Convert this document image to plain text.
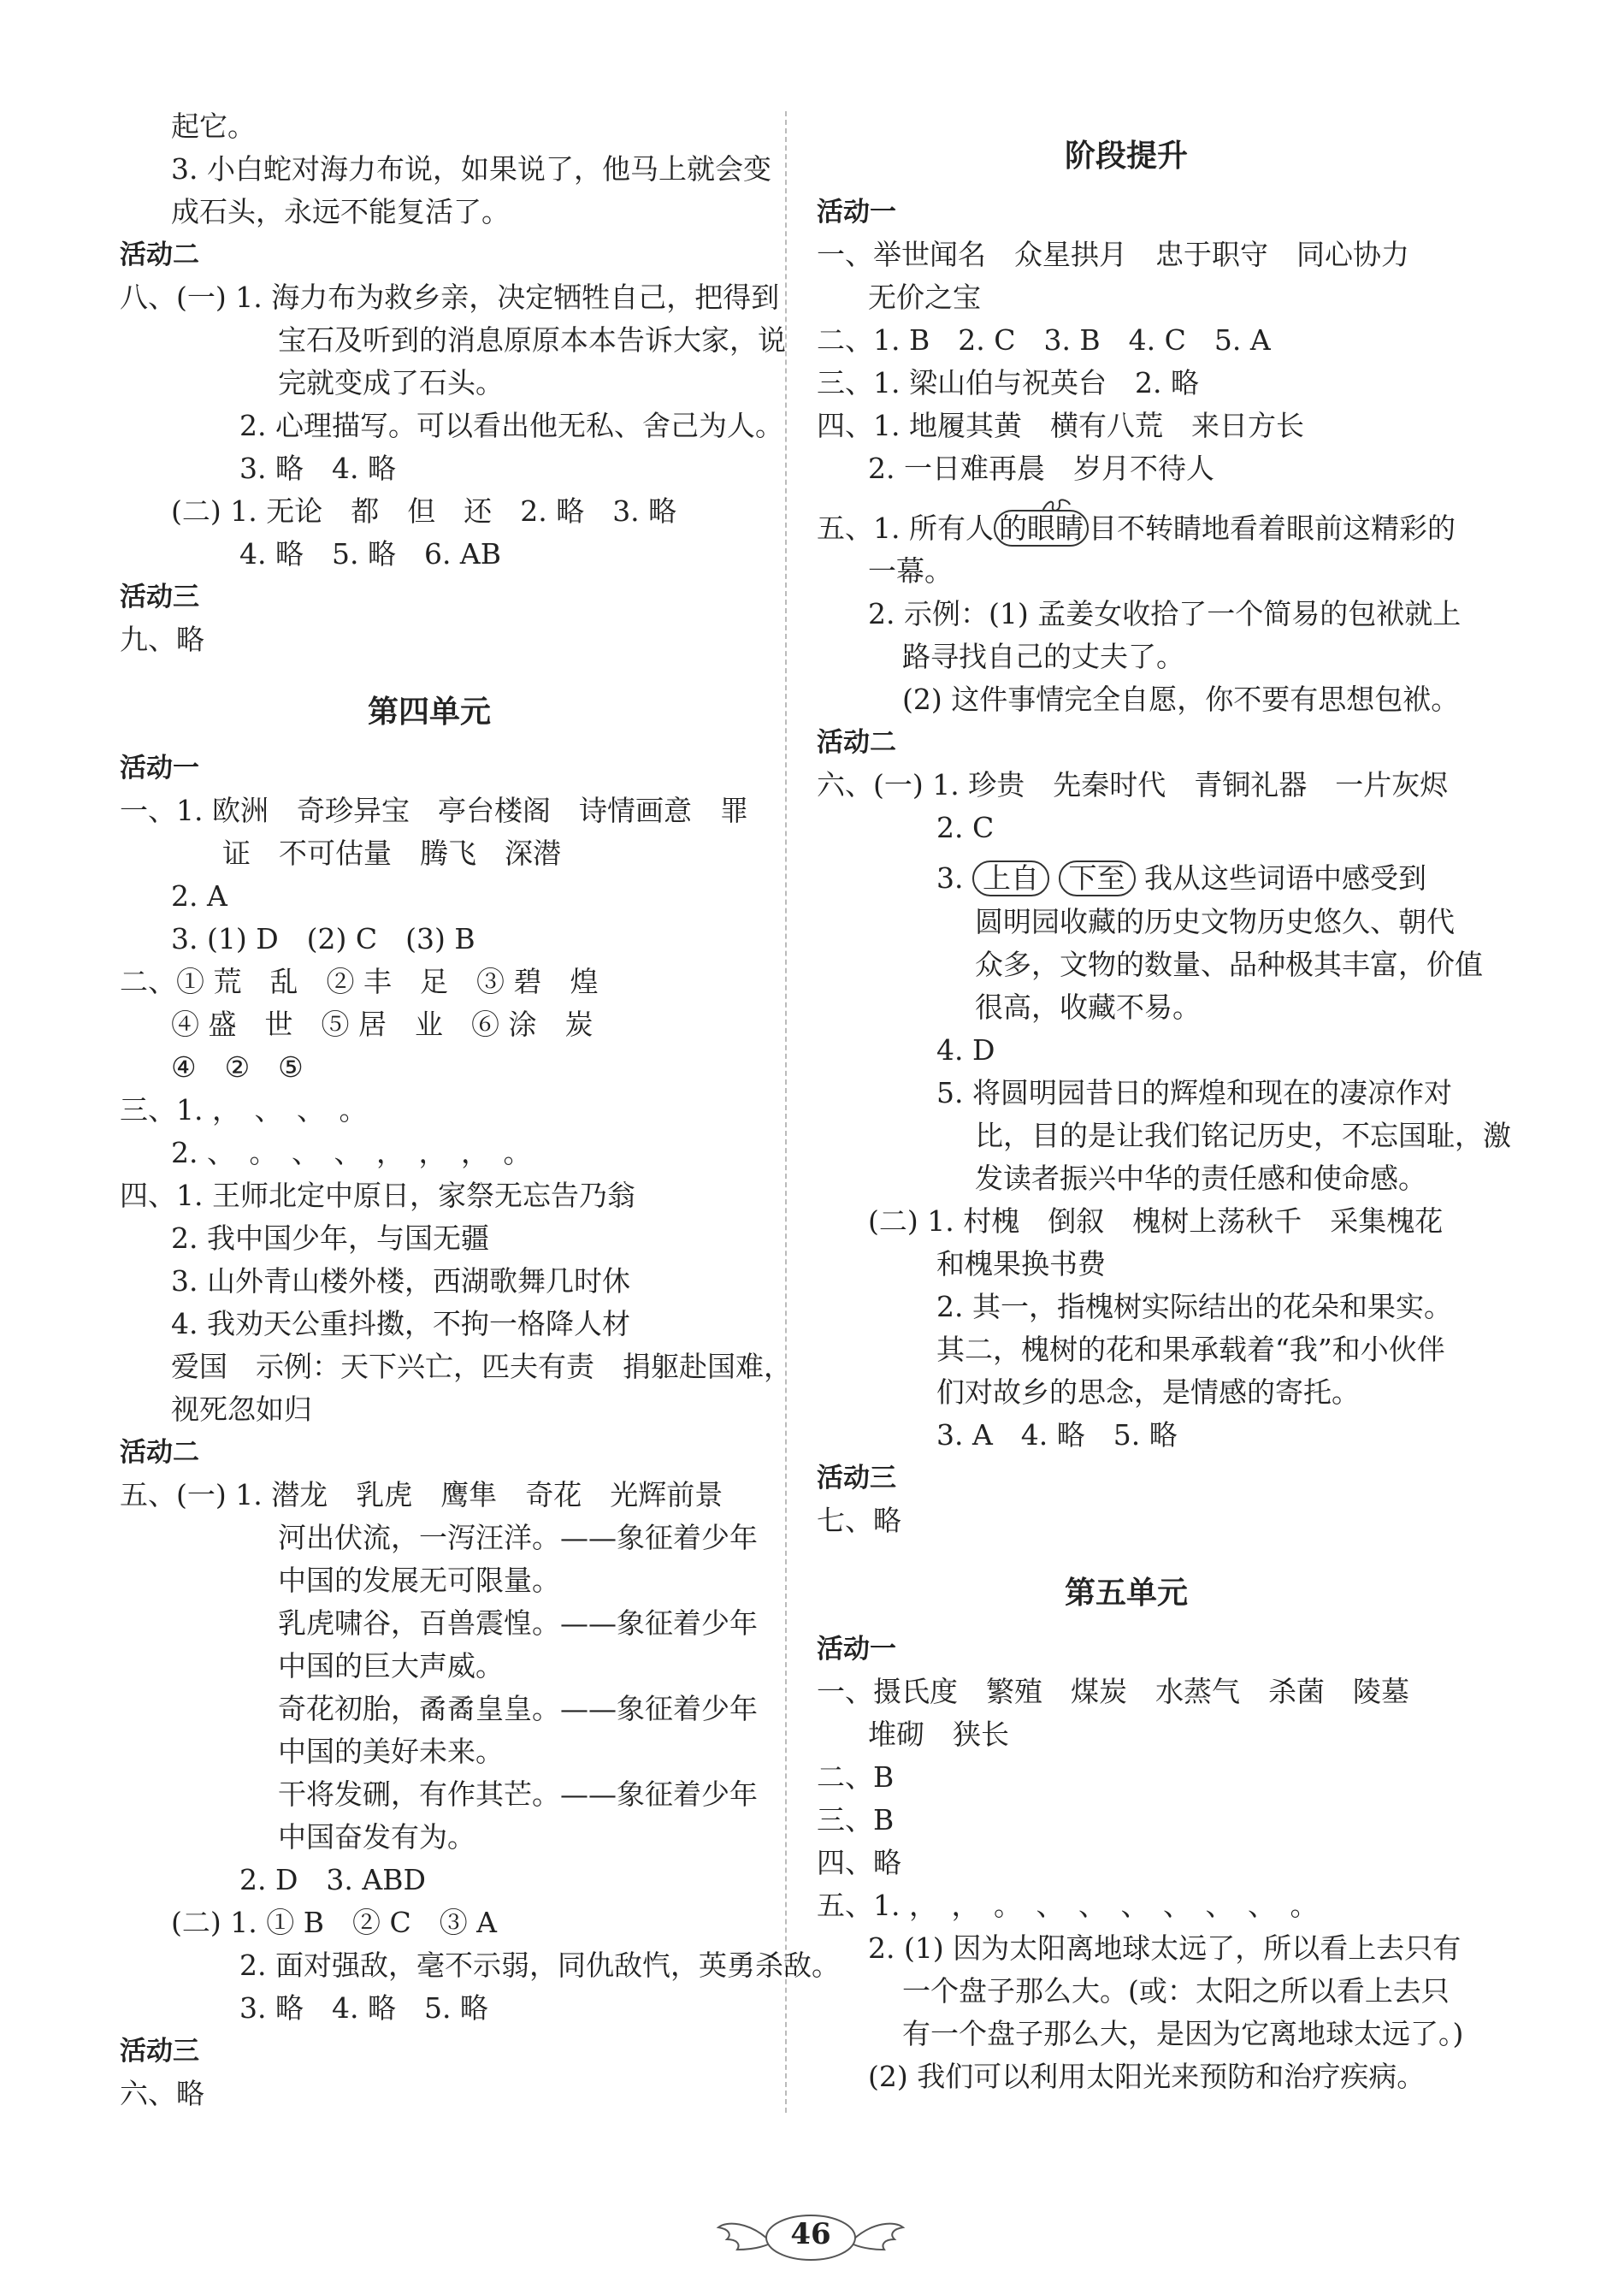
起它。
3. 小白蛇对海力布说，如果说了，他马上就会变
成石头，永远不能复活了。
活动二
八、(一) 1. 海力布为救乡亲，决定牺牲自己，把得到
宝石及听到的消息原原本本告诉大家，说
完就变成了石头。
2. 心理描写。可以看出他无私、舍己为人。
3. 略　4. 略
(二) 1. 无论　都　但　还　2. 略　3. 略
4. 略　5. 略　6. AB
活动三
九、略
第四单元
活动一
一、1. 欧洲　奇珍异宝　亭台楼阁　诗情画意　罪
证　不可估量　腾飞　深潜
2. A
3. (1) D　(2) C　(3) B
二、① 荒　乱　② 丰　足　③ 碧　煌
④ 盛　世　⑤ 居　业　⑥ 涂　炭
④　②　⑤
三、1. ，　、　、　。
2. 、　。　、　、　，　，　，　。
四、1. 王师北定中原日，家祭无忘告乃翁
2. 我中国少年，与国无疆
3. 山外青山楼外楼，西湖歌舞几时休
4. 我劝天公重抖擞，不拘一格降人材
爱国　示例：天下兴亡，匹夫有责　捐躯赴国难，
视死忽如归
活动二
五、(一) 1. 潜龙　乳虎　鹰隼　奇花　光辉前景
河出伏流，一泻汪洋。——象征着少年
中国的发展无可限量。
乳虎啸谷，百兽震惶。——象征着少年
中国的巨大声威。
奇花初胎，矞矞皇皇。——象征着少年
中国的美好未来。
干将发硎，有作其芒。——象征着少年
中国奋发有为。
2. D　3. ABD
(二) 1. ① B　② C　③ A
2. 面对强敌，毫不示弱，同仇敌忾，英勇杀敌。
3. 略　4. 略　5. 略
活动三
六、略
阶段提升
活动一
一、举世闻名　众星拱月　忠于职守　同心协力
无价之宝
二、1. B　2. C　3. B　4. C　5. A
三、1. 梁山伯与祝英台　2. 略
四、1. 地履其黄　横有八荒　来日方长
2. 一日难再晨　岁月不待人
五、1. 所有人 的眼睛 目不转睛地看着眼前这精彩的
一幕。
2. 示例：(1) 孟姜女收拾了一个简易的包袱就上
路寻找自己的丈夫了。
(2) 这件事情完全自愿，你不要有思想包袱。
活动二
六、(一) 1. 珍贵　先秦时代　青铜礼器　一片灰烬
2. C
3. 上自 下至 我从这些词语中感受到
圆明园收藏的历史文物历史悠久、朝代
众多，文物的数量、品种极其丰富，价值
很高，收藏不易。
4. D
5. 将圆明园昔日的辉煌和现在的凄凉作对
比，目的是让我们铭记历史，不忘国耻，激
发读者振兴中华的责任感和使命感。
(二) 1. 村槐　倒叙　槐树上荡秋千　采集槐花
和槐果换书费
2. 其一，指槐树实际结出的花朵和果实。
其二，槐树的花和果承载着“我”和小伙伴
们对故乡的思念，是情感的寄托。
3. A　4. 略　5. 略
活动三
七、略
第五单元
活动一
一、摄氏度　繁殖　煤炭　水蒸气　杀菌　陵墓
堆砌　狭长
二、B
三、B
四、略
五、1. ，　，　。　、　、　、　、　、　、　。
2. (1) 因为太阳离地球太远了，所以看上去只有
一个盘子那么大。(或：太阳之所以看上去只
有一个盘子那么大，是因为它离地球太远了。)
(2) 我们可以利用太阳光来预防和治疗疾病。
46
